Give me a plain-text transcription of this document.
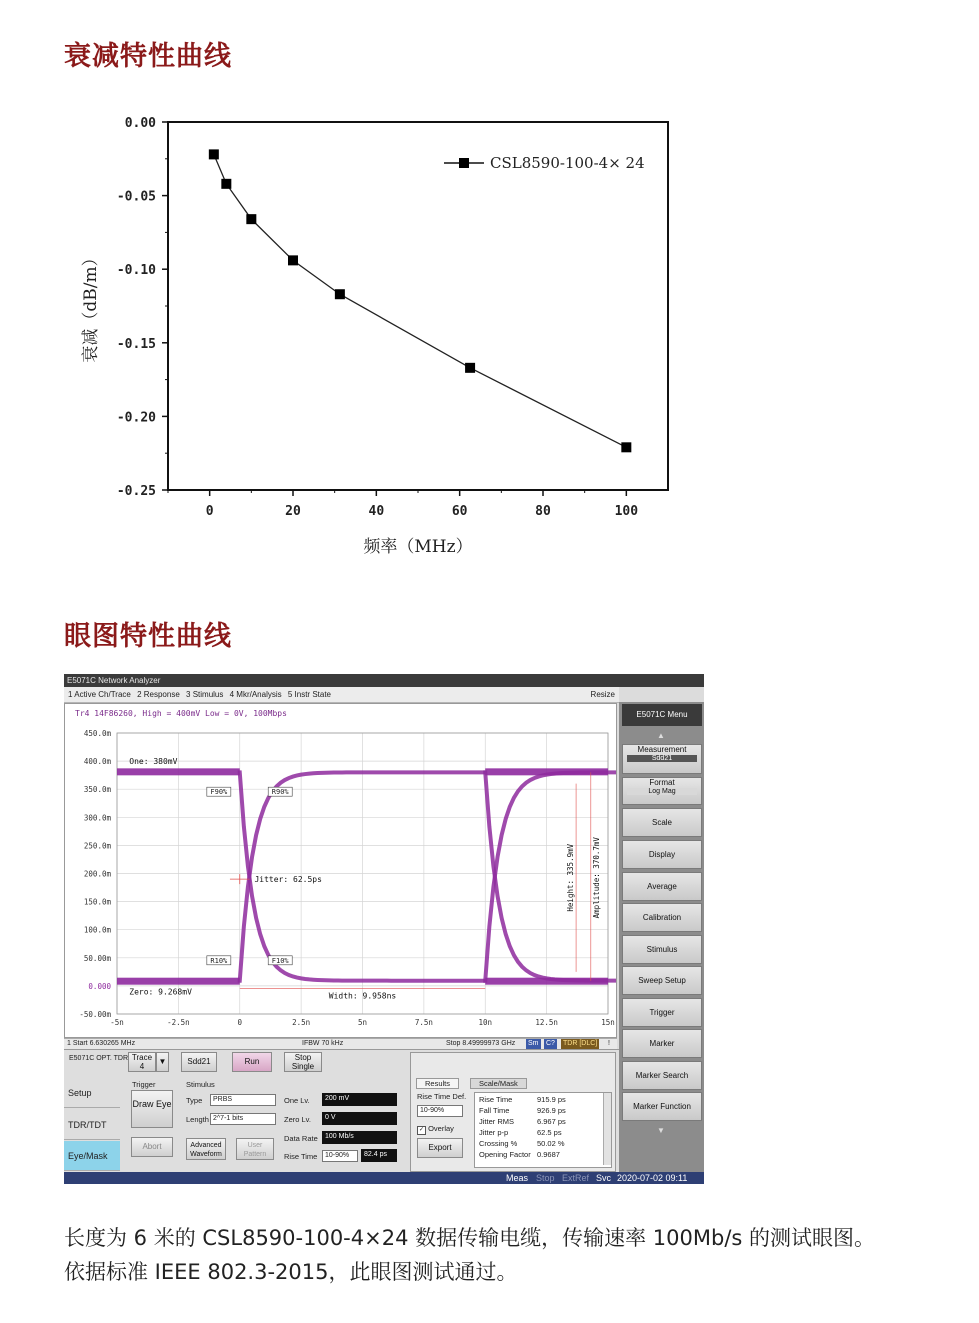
衰减特性曲线
0.00
-0.05
-0.10
-0.15
-0.20
-0.25
0	20	40	60	80	100
CSL8590-100-4× 24
频率（MHz）
衰减（dB/m）
眼图特性曲线
E5071C Network Analyzer
1 Active Ch/Trace 2 Response 3 Stimulus 4 Mkr/Analysis 5 Instr State	Resize
Tr4 14F86260, High = 400mV Low = 0V, 100Mbps
450.0m
400.0m
350.0m
300.0m
250.0m
200.0m
150.0m
100.0m
50.00m
0.000
-50.00m
-5n	-2.5n	0	2.5n	5n	7.5n	10n	12.5n	15n
F90%	R90%
R10%	F10%
One: 380mV
Zero: 9.268mV
Jitter: 62.5ps
Width: 9.958ns
Height: 335.9mV Amplitude: 370.7mV
1 Start 6.630265 MHz	IFBW 70 kHz	Stop 8.49999973 GHz Sm C? TDR [DLC] !
E5071C Menu
▲
Measurement
Sdd21
Format
Log Mag
Scale
Display
Average
Calibration
Stimulus
Sweep Setup
Trigger
Marker
Marker Search
Marker Function
▼
E5071C OPT. TDR Trace 4
▼	Sdd21	Run	Stop Single
Setup
TDR/TDT
Eye/Mask
Trigger
Draw Eye
Abort
Stimulus
Type	PRBS
Length 2^7-1 bits
Advanced Waveform
User Pattern
One Lv.	200 mV
Zero Lv.	0 V
Data Rate	100 Mb/s
Rise Time	10-90%	82.4 ps
Results	Scale/Mask
Rise Time Def.
10-90%
✓ Overlay
Export
Rise Time	915.9 ps
Fall Time	926.9 ps
Jitter RMS	6.967 ps
Jitter p-p	62.5 ps
Crossing %	50.02 %
Opening Factor 0.9687
Meas Stop ExtRef Svc 2020-07-02 09:11
长度为 6 米的 CSL8590-100-4×24 数据传输电缆，传输速率 100Mb/s 的测试眼图。
依据标准 IEEE 802.3-2015，此眼图测试通过。
